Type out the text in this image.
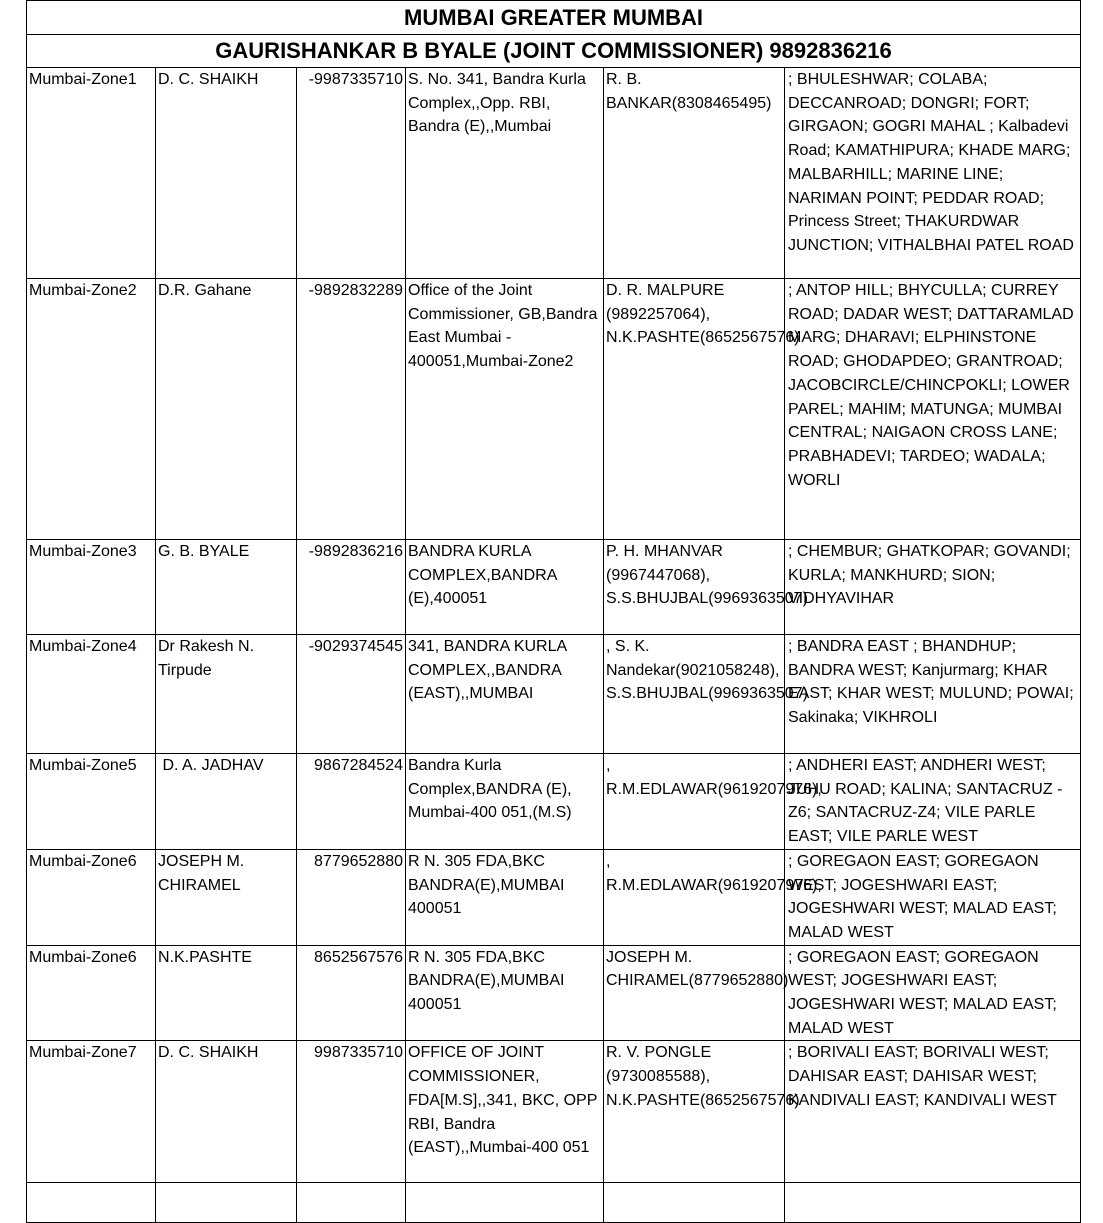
MUMBAI GREATER MUMBAI					
GAURISHANKAR B BYALE (JOINT COMMISSIONER) 9892836216					
Mumbai-Zone1	D. C. SHAIKH	-9987335710	S. No. 341, Bandra Kurla Complex,,Opp. RBI, Bandra (E),,Mumbai	R. B. BANKAR(8308465495)	; BHULESHWAR; COLABA; DECCANROAD; DONGRI; FORT; GIRGAON; GOGRI MAHAL ; Kalbadevi Road; KAMATHIPURA; KHADE MARG; MALBARHILL; MARINE LINE; NARIMAN POINT; PEDDAR ROAD; Princess Street; THAKURDWAR JUNCTION; VITHALBHAI PATEL ROAD
Mumbai-Zone2	D.R. Gahane	-9892832289	Office of the Joint Commissioner, GB,Bandra East Mumbai - 400051,Mumbai-Zone2	D. R. MALPURE (9892257064), N.K.PASHTE(8652567576)	; ANTOP HILL; BHYCULLA; CURREY ROAD; DADAR WEST; DATTARAMLAD MARG; DHARAVI; ELPHINSTONE ROAD; GHODAPDEO; GRANTROAD; JACOBCIRCLE/CHINCPOKLI; LOWER PAREL; MAHIM; MATUNGA; MUMBAI CENTRAL; NAIGAON CROSS LANE; PRABHADEVI; TARDEO; WADALA; WORLI
Mumbai-Zone3	G. B. BYALE	-9892836216	BANDRA KURLA COMPLEX,BANDRA (E),400051	P. H. MHANVAR (9967447068), S.S.BHUJBAL(9969363507)	; CHEMBUR; GHATKOPAR; GOVANDI; KURLA; MANKHURD; SION; VIDHYAVIHAR
Mumbai-Zone4	Dr Rakesh N. Tirpude	-9029374545	341, BANDRA KURLA COMPLEX,,BANDRA (EAST),,MUMBAI	, S. K. Nandekar(9021058248), S.S.BHUJBAL(9969363507)	; BANDRA EAST ; BHANDHUP; BANDRA WEST; Kanjurmarg; KHAR EAST; KHAR WEST; MULUND; POWAI; Sakinaka; VIKHROLI
Mumbai-Zone5	D. A. JADHAV	9867284524	Bandra Kurla Complex,BANDRA (E), Mumbai-400 051,(M.S)	, R.M.EDLAWAR(9619207976),	; ANDHERI EAST; ANDHERI WEST; JUHU ROAD; KALINA; SANTACRUZ -Z6; SANTACRUZ-Z4; VILE PARLE EAST; VILE PARLE WEST
Mumbai-Zone6	JOSEPH M. CHIRAMEL	8779652880	R N. 305 FDA,BKC BANDRA(E),MUMBAI 400051	, R.M.EDLAWAR(9619207976),	; GOREGAON EAST; GOREGAON WEST; JOGESHWARI EAST; JOGESHWARI WEST; MALAD EAST; MALAD WEST
Mumbai-Zone6	N.K.PASHTE	8652567576	R N. 305 FDA,BKC BANDRA(E),MUMBAI 400051	JOSEPH M. CHIRAMEL(8779652880)	; GOREGAON EAST; GOREGAON WEST; JOGESHWARI EAST; JOGESHWARI WEST; MALAD EAST; MALAD WEST
Mumbai-Zone7	D. C. SHAIKH	9987335710	OFFICE OF JOINT COMMISSIONER, FDA[M.S],,341, BKC, OPP RBI, Bandra (EAST),,Mumbai-400 051	R. V. PONGLE (9730085588), N.K.PASHTE(8652567576)	; BORIVALI EAST; BORIVALI WEST; DAHISAR EAST; DAHISAR WEST; KANDIVALI EAST; KANDIVALI WEST
